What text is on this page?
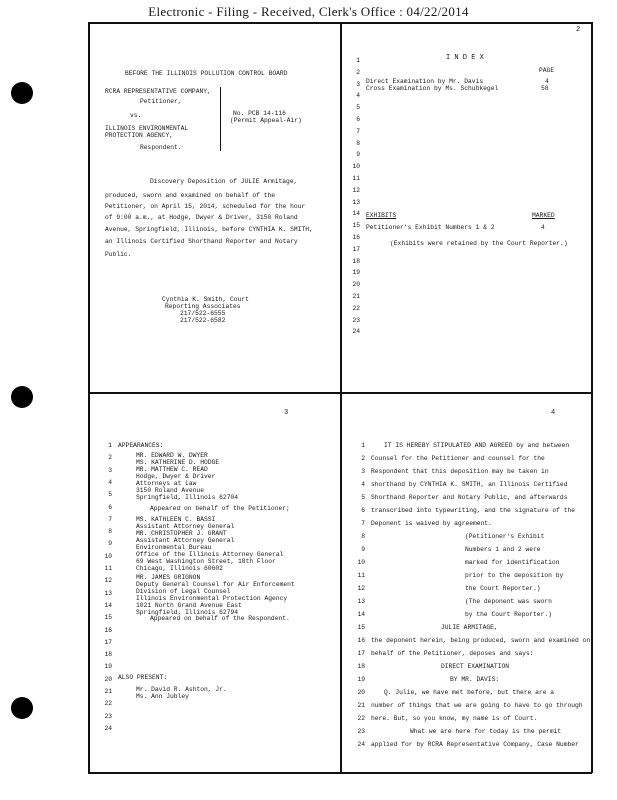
Electronic - Filing - Received, Clerk's Office : 04/22/2014
BEFORE THE ILLINOIS POLLUTION CONTROL BOARD
RCRA REPRESENTATIVE COMPANY,
Petitioner,
vs.	No. PCB 14-116
(Permit Appeal-Air)
ILLINOIS ENVIRONMENTAL
PROTECTION AGENCY,
Respondent.
Discovery Deposition of JULIE Armitage,
produced, sworn and examined on behalf of the
Petitioner, on April 15, 2014, scheduled for the hour
of 9:00 a.m., at Hodge, Dwyer & Driver, 3150 Roland
Avenue, Springfield, Illinois, before CYNTHIA K. SMITH,
an Illinois Certified Shorthand Reporter and Notary
Public.
Cynthia K. Smith, Court
Reporting Associates
217/522-6555
217/522-6582
2
I N D E X
PAGE
Direct Examination by Mr. Davis	4
Cross Examination by Ms. Schubkegel	58
EXHIBITS	MARKED
Petitioner's Exhibit Numbers 1 & 2	4
(Exhibits were retained by the Court Reporter.)
3
APPEARANCES:
MR. EDWARD W. DWYER
MS. KATHERINE D. HODGE
MR. MATTHEW C. READ
Hodge, Dwyer & Driver
Attorneys at Law
3150 Roland Avenue
Springfield, Illinois 62704
Appeared on behalf of the Petitioner;
MS. KATHLEEN C. BASSI
Assistant Attorney General
MR. CHRISTOPHER J. GRANT
Assistant Attorney General
Environmental Bureau
Office of the Illinois Attorney General
69 West Washington Street, 18th Floor
Chicago, Illinois 60602
MR. JAMES GRIGNON
Deputy General Counsel for Air Enforcement
Division of Legal Counsel
Illinois Environmental Protection Agency
1021 North Grand Avenue East
Springfield, Illinois 62794
Appeared on behalf of the Respondent.
ALSO PRESENT:
Mr. David R. Ashton, Jr.
Ms. Ann Jubley
4
IT IS HEREBY STIPULATED AND AGREED by and between
Counsel for the Petitioner and counsel for the
Respondent that this deposition may be taken in
shorthand by CYNTHIA K. SMITH, an Illinois Certified
Shorthand Reporter and Notary Public, and afterwards
transcribed into typewriting, and the signature of the
Deponent is waived by agreement.
(Petitioner's Exhibit
Numbers 1 and 2 were
marked for identification
prior to the deposition by
the Court Reporter.)
(The deponent was sworn
by the Court Reporter.)
JULIE ARMITAGE,
the deponent herein, being produced, sworn and examined on
behalf of the Petitioner, deposes and says:
DIRECT EXAMINATION
BY MR. DAVIS:
Q. Julie, we have met before, but there are a
number of things that we are going to have to go through
here. But, so you know, my name is of Court.
What we are here for today is the permit
applied for by RCRA Representative Company, Case Number
1
2
3
4
5
6
7
8
9
10
11
12
13
14
15
16
17
18
19
20
21
22
23
24
1
2
3
4
5
6
7
8
9
10
11
12
13
14
15
16
17
18
19
20
21
22
23
24
1
2
3
4
5
6
7
8
9
10
11
12
13
14
15
16
17
18
19
20
21
22
23
24
